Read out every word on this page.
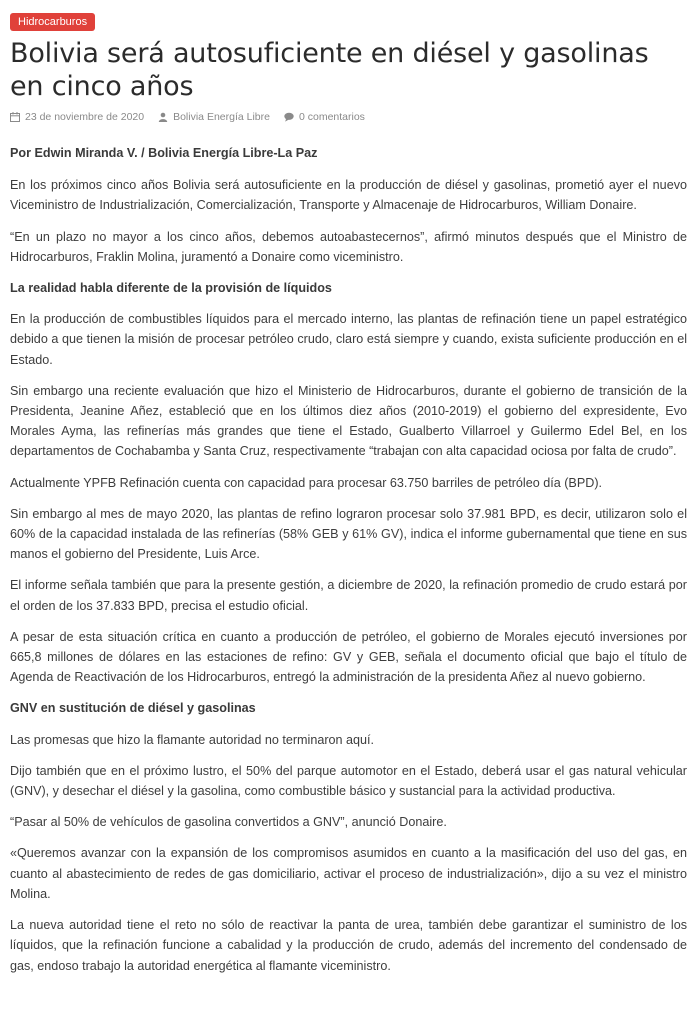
Hidrocarburos
Bolivia será autosuficiente en diésel y gasolinas en cinco años
23 de noviembre de 2020	Bolivia Energía Libre	0 comentarios

Por Edwin Miranda V. / Bolivia Energía Libre-La Paz

En los próximos cinco años Bolivia será autosuficiente en la producción de diésel y gasolinas, prometió ayer el nuevo Viceministro de Industrialización, Comercialización, Transporte y Almacenaje de Hidrocarburos, William Donaire.

“En un plazo no mayor a los cinco años, debemos autoabastecernos”, afirmó minutos después que el Ministro de Hidrocarburos, Fraklin Molina, juramentó a Donaire como viceministro.

La realidad habla diferente de la provisión de líquidos

En la producción de combustibles líquidos para el mercado interno, las plantas de refinación tiene un papel estratégico debido a que tienen la misión de procesar petróleo crudo, claro está siempre y cuando, exista suficiente producción en el Estado.

Sin embargo una reciente evaluación que hizo el Ministerio de Hidrocarburos, durante el gobierno de transición de la Presidenta, Jeanine Añez, estableció que en los últimos diez años (2010-2019) el gobierno del expresidente, Evo Morales Ayma, las refinerías más grandes que tiene el Estado, Gualberto Villarroel y Guilermo Edel Bel, en los departamentos de Cochabamba y Santa Cruz, respectivamente “trabajan con alta capacidad ociosa por falta de crudo”.

Actualmente YPFB Refinación cuenta con capacidad para procesar 63.750 barriles de petróleo día (BPD).

Sin embargo al mes de mayo 2020, las plantas de refino lograron procesar solo 37.981 BPD, es decir, utilizaron solo el 60% de la capacidad instalada de las refinerías (58% GEB y 61% GV), indica el informe gubernamental que tiene en sus manos el gobierno del Presidente, Luis Arce.

El informe señala también que para la presente gestión, a diciembre de 2020, la refinación promedio de crudo estará por el orden de los 37.833 BPD, precisa el estudio oficial.

A pesar de esta situación crítica en cuanto a producción de petróleo, el gobierno de Morales ejecutó inversiones por 665,8 millones de dólares en las estaciones de refino: GV y GEB, señala el documento oficial que bajo el título de Agenda de Reactivación de los Hidrocarburos, entregó la administración de la presidenta Añez al nuevo gobierno.

GNV en sustitución de diésel y gasolinas

Las promesas que hizo la flamante autoridad no terminaron aquí.

Dijo también que en el próximo lustro, el 50% del parque automotor en el Estado, deberá usar el gas natural vehicular (GNV), y desechar el diésel y la gasolina, como combustible básico y sustancial para la actividad productiva.

“Pasar al 50% de vehículos de gasolina convertidos a GNV”, anunció Donaire.

«Queremos avanzar con la expansión de los compromisos asumidos en cuanto a la masificación del uso del gas, en cuanto al abastecimiento de redes de gas domiciliario, activar el proceso de industrialización», dijo a su vez el ministro Molina.

La nueva autoridad tiene el reto no sólo de reactivar la panta de urea, también debe garantizar el suministro de los líquidos, que la refinación funcione a cabalidad y la producción de crudo, además del incremento del condensado de gas, endoso trabajo la autoridad energética al flamante viceministro.
